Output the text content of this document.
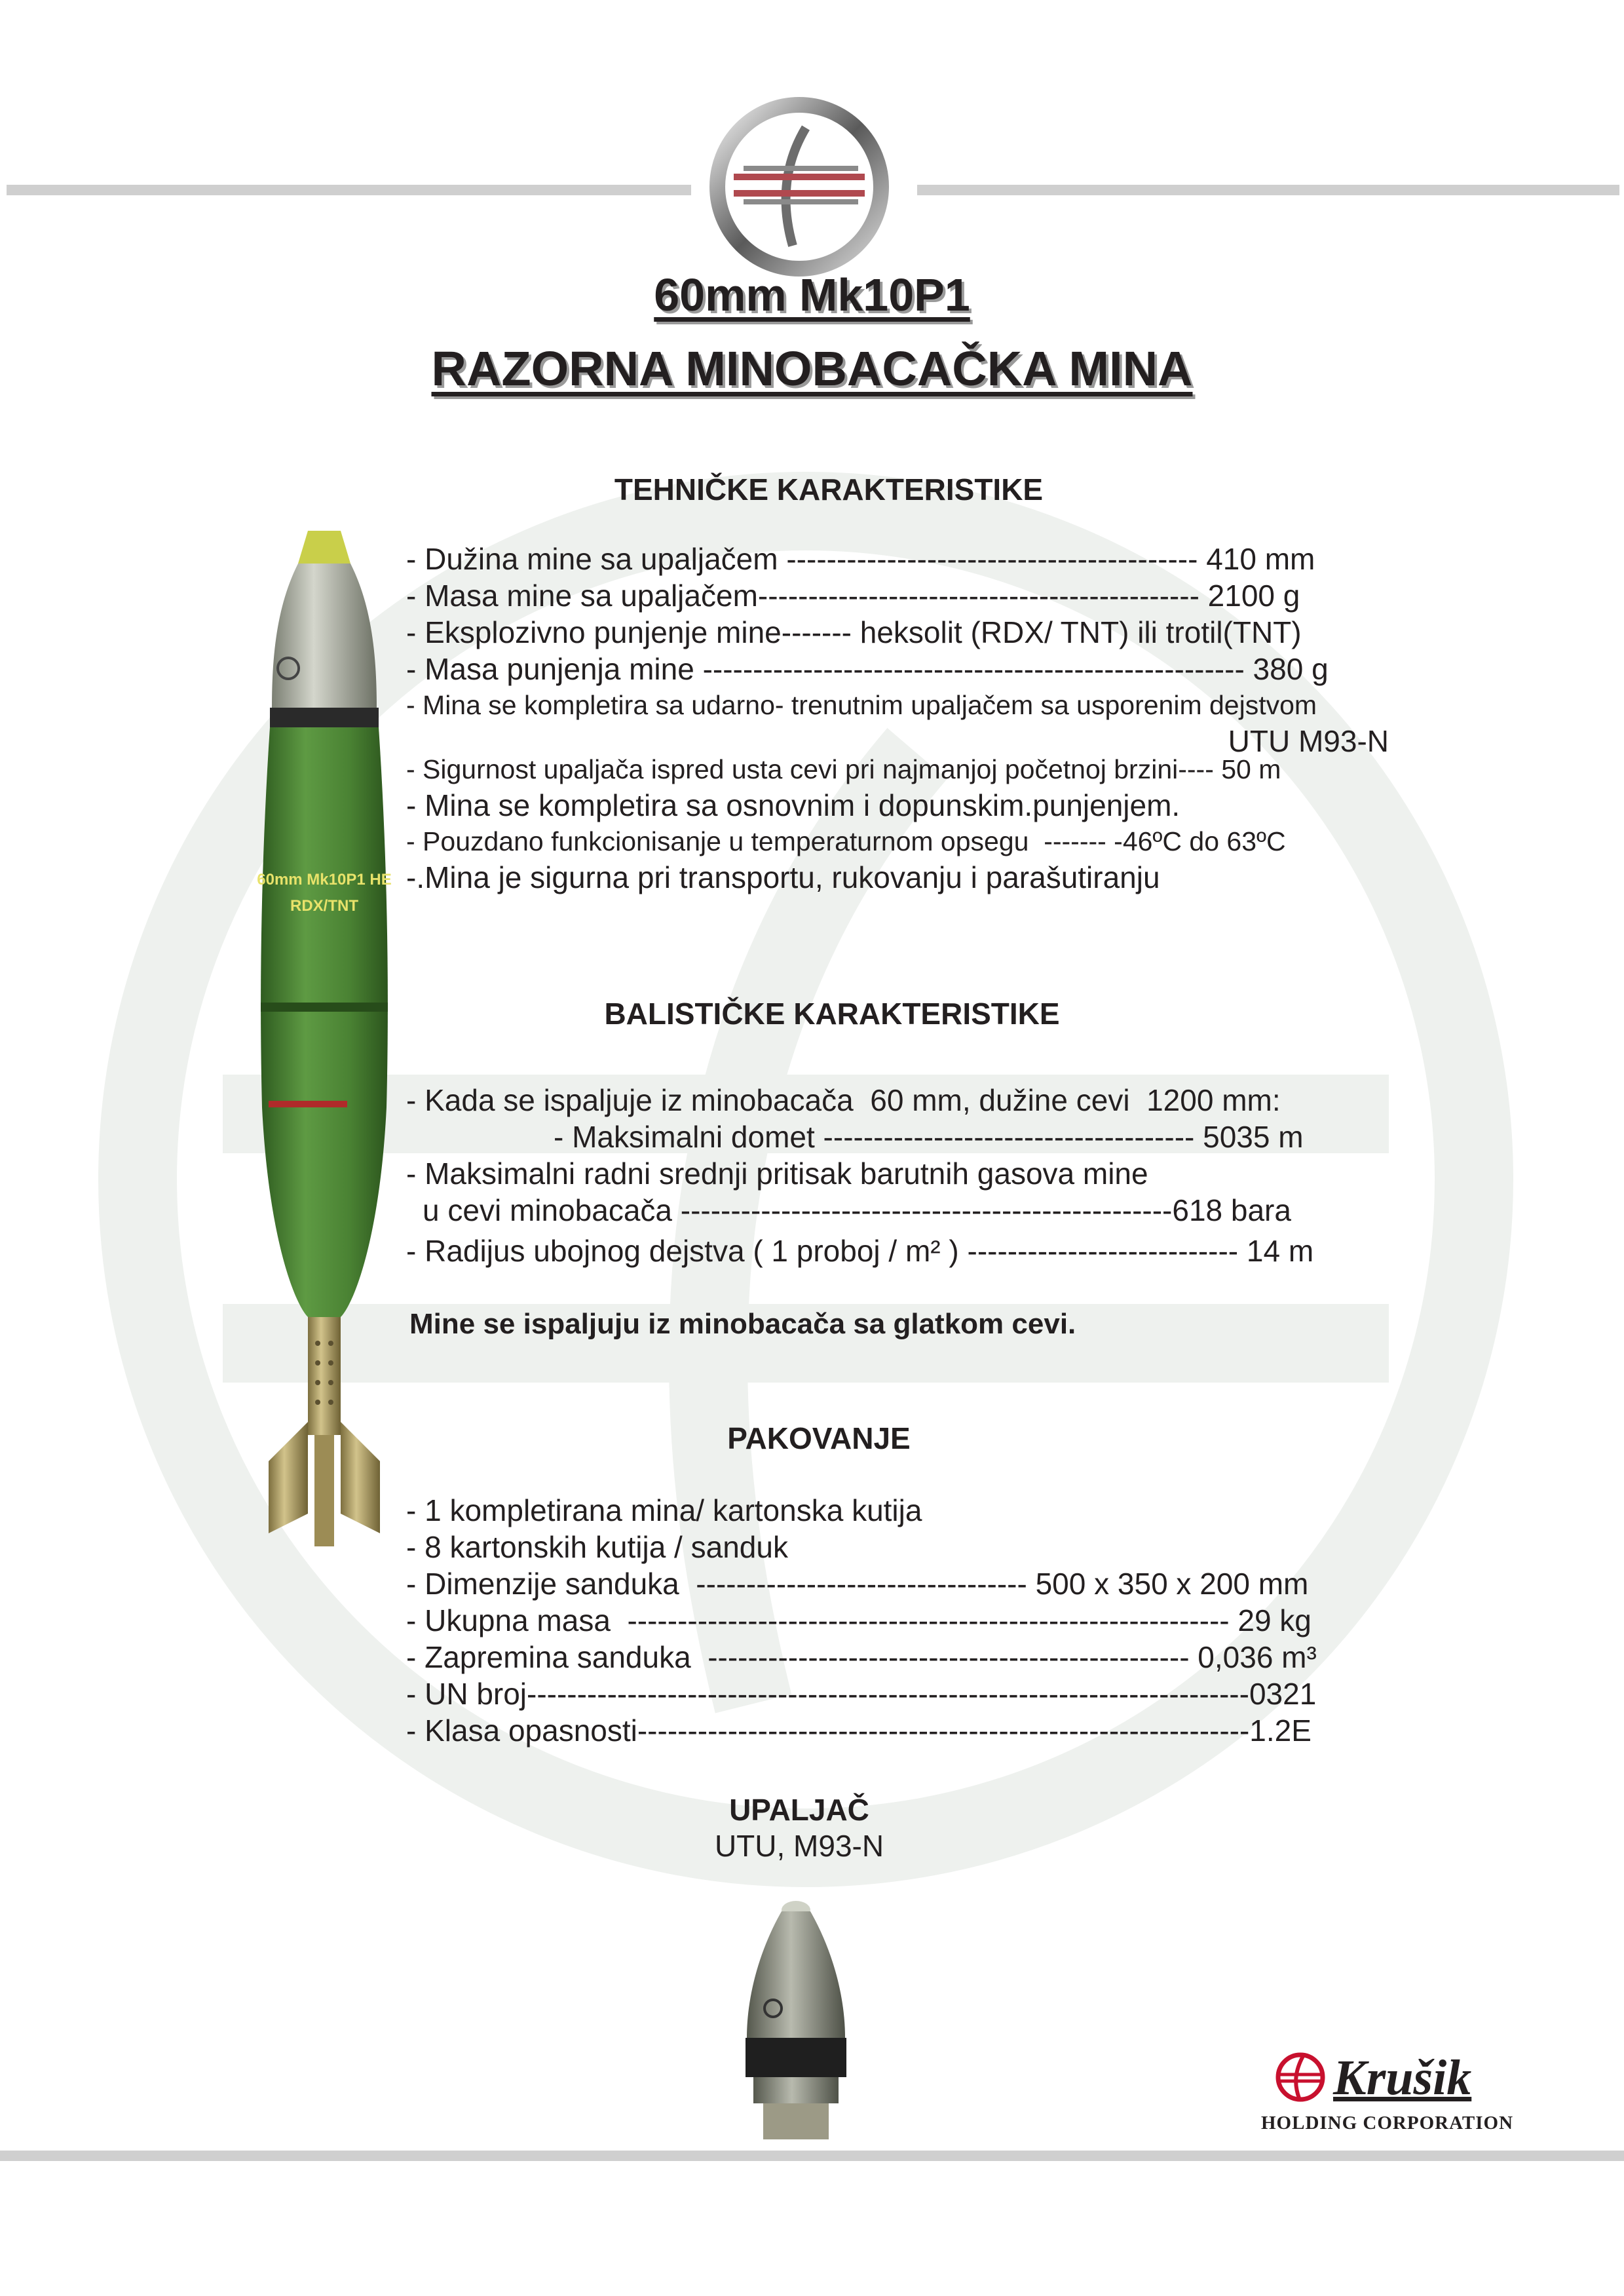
60mm Mk10P1
RAZORNA MINOBACAČKA MINA
60mm Mk10P1 HE
RDX/TNT
TEHNIČKE KARAKTERISTIKE
- Dužina mine sa upaljačem ----------------------------------------- 410 mm
- Masa mine sa upaljačem-------------------------------------------- 2100 g
- Eksplozivno punjenje mine------- heksolit (RDX/ TNT) ili trotil(TNT)
- Masa punjenja mine ------------------------------------------------------ 380 g
- Mina se kompletira sa udarno- trenutnim upaljačem sa usporenim dejstvom
UTU M93-N
- Sigurnost upaljača ispred usta cevi pri najmanjoj početnoj brzini---- 50 m
- Mina se kompletira sa osnovnim i dopunskim.punjenjem.
- Pouzdano funkcionisanje u temperaturnom opsegu  ------- -46ºC do 63ºC
-.Mina je sigurna pri transportu, rukovanju i parašutiranju
BALISTIČKE KARAKTERISTIKE
- Kada se ispaljuje iz minobacača  60 mm, dužine cevi  1200 mm:
- Maksimalni domet ------------------------------------- 5035 m
- Maksimalni radni srednji pritisak barutnih gasova mine
u cevi minobacača -------------------------------------------------618 bara
- Radijus ubojnog dejstva ( 1 proboj / m² ) --------------------------- 14 m
Mine se ispaljuju iz minobacača sa glatkom cevi.
PAKOVANJE
- 1 kompletirana mina/ kartonska kutija
- 8 kartonskih kutija / sanduk
- Dimenzije sanduka  --------------------------------- 500 x 350 x 200 mm
- Ukupna masa  ------------------------------------------------------------ 29 kg
- Zapremina sanduka  ------------------------------------------------ 0,036 m³
- UN broj------------------------------------------------------------------------0321
- Klasa opasnosti-------------------------------------------------------------1.2E
UPALJAČ
UTU, M93-N
Krušik
HOLDING CORPORATION
